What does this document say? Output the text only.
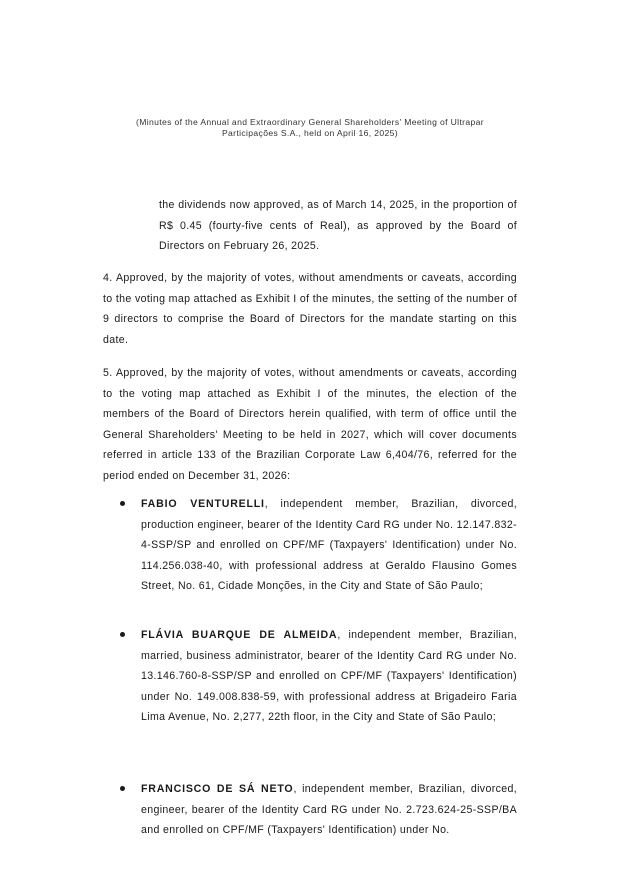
(Minutes of the Annual and Extraordinary General Shareholders' Meeting of Ultrapar
Participações S.A., held on April 16, 2025)

the dividends now approved, as of March 14, 2025, in the proportion of R$ 0.45 (fourty-five cents of Real), as approved by the Board of Directors on February 26, 2025.

4. Approved, by the majority of votes, without amendments or caveats, according to the voting map attached as Exhibit I of the minutes, the setting of the number of 9 directors to comprise the Board of Directors for the mandate starting on this date.

5. Approved, by the majority of votes, without amendments or caveats, according to the voting map attached as Exhibit I of the minutes, the election of the members of the Board of Directors herein qualified, with term of office until the General Shareholders' Meeting to be held in 2027, which will cover documents referred in article 133 of the Brazilian Corporate Law 6,404/76, referred for the period ended on December 31, 2026:

FABIO VENTURELLI, independent member, Brazilian, divorced, production engineer, bearer of the Identity Card RG under No. 12.147.832-4-SSP/SP and enrolled on CPF/MF (Taxpayers' Identification) under No. 114.256.038-40, with professional address at Geraldo Flausino Gomes Street, No. 61, Cidade Monções, in the City and State of São Paulo;

FLÁVIA BUARQUE DE ALMEIDA, independent member, Brazilian, married, business administrator, bearer of the Identity Card RG under No. 13.146.760-8-SSP/SP and enrolled on CPF/MF (Taxpayers' Identification) under No. 149.008.838-59, with professional address at Brigadeiro Faria Lima Avenue, No. 2,277, 22th floor, in the City and State of São Paulo;

FRANCISCO DE SÁ NETO, independent member, Brazilian, divorced, engineer, bearer of the Identity Card RG under No. 2.723.624-25-SSP/BA and enrolled on CPF/MF (Taxpayers' Identification) under No.
